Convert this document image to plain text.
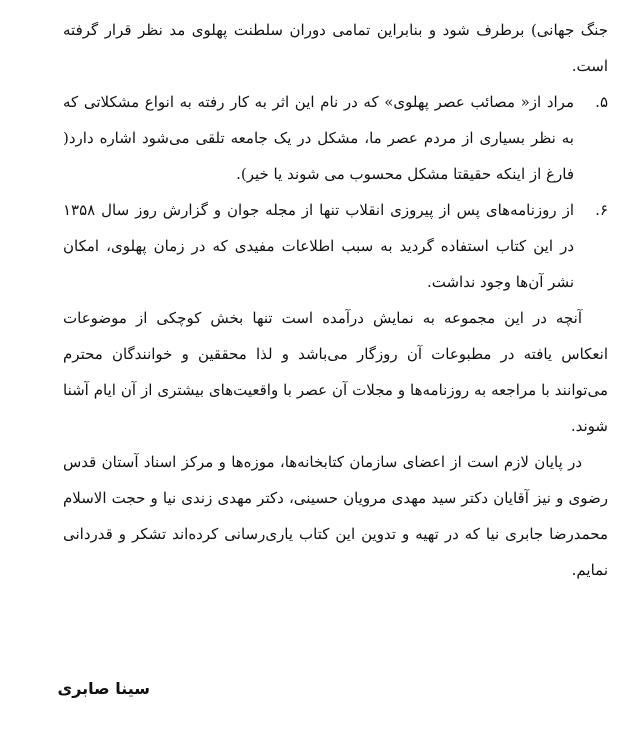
جنگ جهانی) برطرف شود و بنابراین تمامی دوران سلطنت پهلوی مد نظر قرار گرفته است.

۵.

مراد از« مصائب عصر پهلوی» که در نام این اثر به کار رفته به انواع مشکلاتی که به نظر بسیاری از مردم عصر ما، مشکل در یک جامعه تلقی می‌شود اشاره دارد( فارغ از اینکه حقیقتا مشکل محسوب می شوند یا خیر).

۶.

از روزنامه‌های پس از پیروزی انقلاب تنها از مجله جوان و گزارش روز سال ۱۳۵۸ در این کتاب استفاده گردید به سبب اطلاعات مفیدی که در زمان پهلوی، امکان نشر آن‌ها وجود نداشت.

آنچه در این مجموعه به نمایش درآمده است تنها بخش کوچکی از موضوعات انعکاس یافته در مطبوعات آن روزگار می‌باشد و لذا محققین و خوانندگان محترم می‌توانند با مراجعه به روزنامه‌ها و مجلات آن عصر با واقعیت‌های بیشتری از آن ایام آشنا شوند.

در پایان لازم است از اعضای سازمان کتابخانه‌ها، موزه‌ها و مرکز اسناد آستان قدس رضوی و نیز آقایان دکتر سید مهدی مرویان حسینی، دکتر مهدی زندی نیا و حجت الاسلام محمدرضا جابری نیا که در تهیه و تدوین این کتاب یاری‌رسانی کرده‌اند تشکر و قدردانی نمایم.

سینا صابری
